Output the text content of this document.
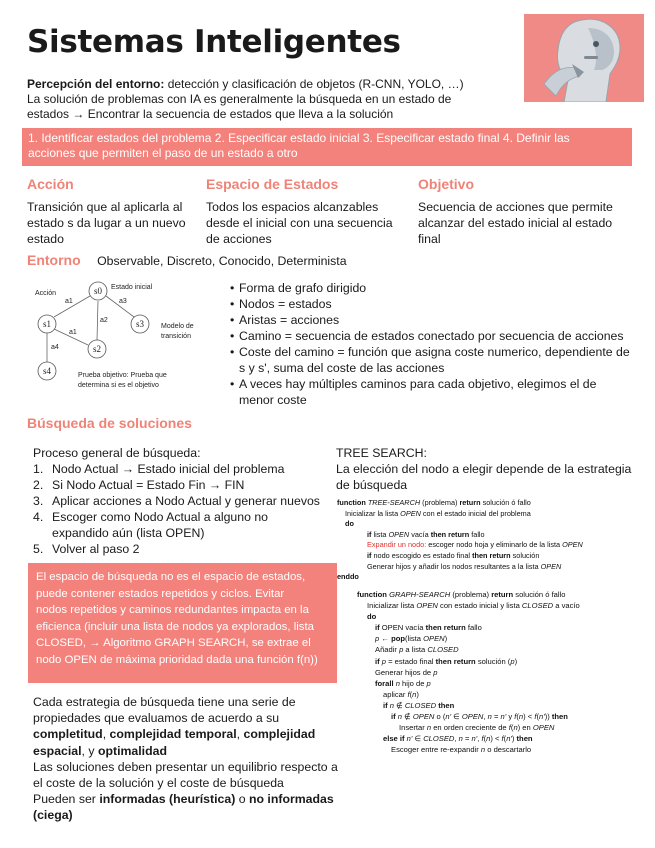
Sistemas Inteligentes
Percepción del entorno: detección y clasificación de objetos (R-CNN, YOLO, …)
La solución de problemas con IA es generalmente la búsqueda en un estado de
estados → Encontrar la secuencia de estados que lleva a la solución
1. Identificar estados del problema 2. Especificar estado inicial 3. Especificar estado final 4. Definir las
acciones que permiten el paso de un estado a otro
Acción
Transición que al aplicarla al
estado s da lugar a un nuevo
estado
Espacio de Estados
Todos los espacios alcanzables
desde el inicial con una secuencia
de acciones
Objetivo
Secuencia de acciones que permite
alcanzar del estado inicial al estado
final
Entorno Observable, Discreto, Conocido, Determinista
s0
s1
s2
s3
s4
a1
a1
a2
a3
a4
Acción
Estado inicial
Modelo de
transición
Prueba objetivo: Prueba que
determina si es el objetivo
• Forma de grafo dirigido
• Nodos = estados
• Aristas = acciones
• Camino = secuencia de estados conectado por secuencia de acciones
• Coste del camino = función que asigna coste numerico, dependiente de s y s', suma del coste de las acciones
• A veces hay múltiples caminos para cada objetivo, elegimos el de menor coste
Búsqueda de soluciones
Proceso general de búsqueda:
1. Nodo Actual → Estado inicial del problema
2. Si Nodo Actual = Estado Fin → FIN
3. Aplicar acciones a Nodo Actual y generar nuevos
4. Escoger como Nodo Actual a alguno no expandido aún (lista OPEN)
5. Volver al paso 2
El espacio de búsqueda no es el espacio de estados,
puede contener estados repetidos y ciclos. Evitar
nodos repetidos y caminos redundantes impacta en la
eficienca (incluir una lista de nodos ya explorados, lista
CLOSED, → Algoritmo GRAPH SEARCH, se extrae el
nodo OPEN de máxima prioridad dada una función f(n))
Cada estrategia de búsqueda tiene una serie de
propiedades que evaluamos de acuerdo a su
completitud, complejidad temporal, complejidad
espacial, y optimalidad
Las soluciones deben presentar un equilibrio respecto a
el coste de la solución y el coste de búsqueda
Pueden ser informadas (heurística) o no informadas
(ciega)
TREE SEARCH:
La elección del nodo a elegir depende de la estrategia
de búsqueda
function TREE-SEARCH (problema) return solución ó fallo
Inicializar la lista OPEN con el estado inicial del problema
do
if lista OPEN vacía then return fallo
Expandir un nodo: escoger nodo hoja y eliminarlo de la lista OPEN
if nodo escogido es estado final then return solución
Generar hijos y añadir los nodos resultantes a la lista OPEN
enddo
function GRAPH-SEARCH (problema) return solución ó fallo
Inicializar lista OPEN con estado inicial y lista CLOSED a vacío
do
if OPEN vacía then return fallo
p ← pop(lista OPEN)
Añadir p a lista CLOSED
if p = estado final then return solución (p)
Generar hijos de p
forall n hijo de p
aplicar f(n)
if n ∉ CLOSED then
if n ∉ OPEN o (n' ∈ OPEN, n = n' y f(n) < f(n')) then
Insertar n en orden creciente de f(n) en OPEN
else if n' ∈ CLOSED, n = n', f(n) < f(n') then
Escoger entre re-expandir n o descartarlo
